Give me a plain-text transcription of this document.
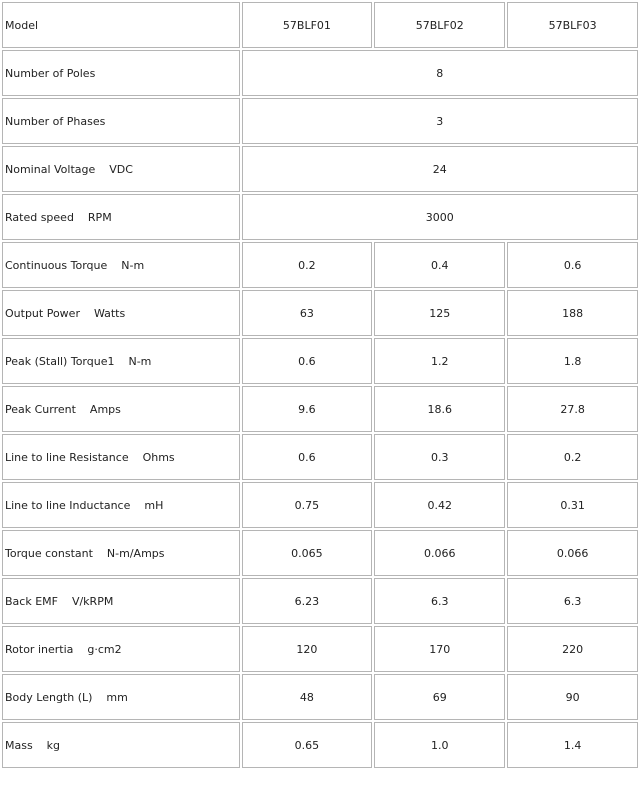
Model	57BLF01	57BLF02	57BLF03
Number of Poles	8		
Number of Phases	3		
Nominal Voltage    VDC	24		
Rated speed    RPM	3000		
Continuous Torque    N-m	0.2	0.4	0.6
Output Power    Watts	63	125	188
Peak (Stall) Torque1    N-m	0.6	1.2	1.8
Peak Current    Amps	9.6	18.6	27.8
Line to line Resistance    Ohms	0.6	0.3	0.2
Line to line Inductance    mH	0.75	0.42	0.31
Torque constant    N-m/Amps	0.065	0.066	0.066
Back EMF    V/kRPM	6.23	6.3	6.3
Rotor inertia    g·cm2	120	170	220
Body Length (L)    mm	48	69	90
Mass    kg	0.65	1.0	1.4
